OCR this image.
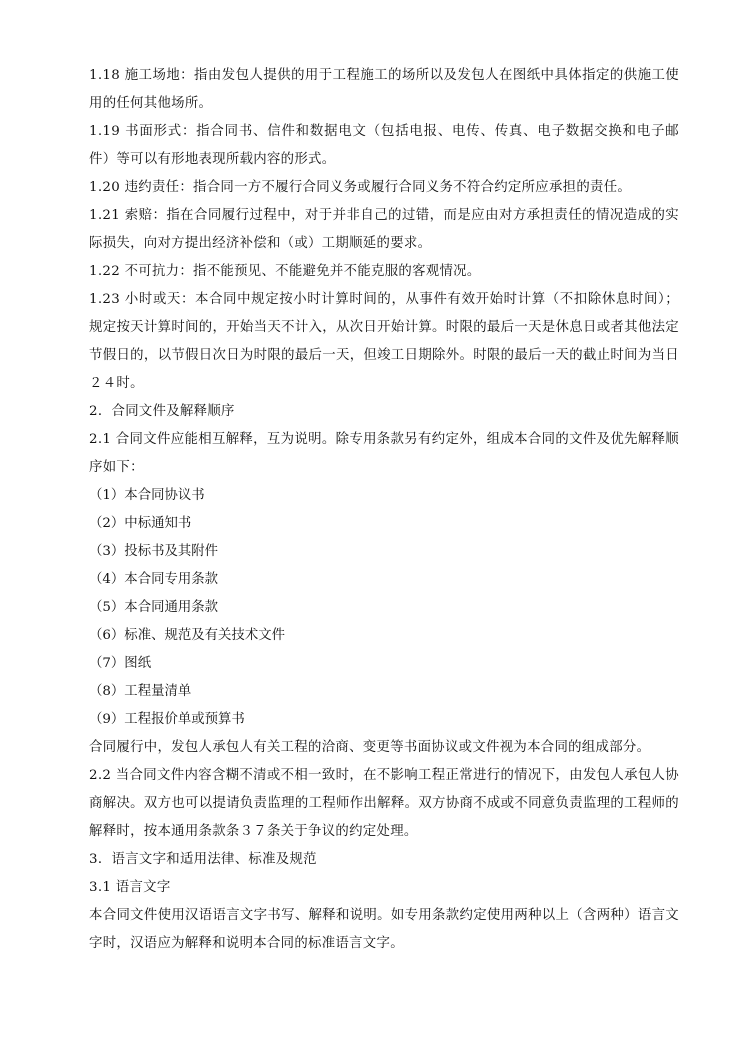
1.18 施工场地：指由发包人提供的用于工程施工的场所以及发包人在图纸中具体指定的供施工使用的任何其他场所。

1.19 书面形式：指合同书、信件和数据电文（包括电报、电传、传真、电子数据交换和电子邮件）等可以有形地表现所载内容的形式。

1.20 违约责任：指合同一方不履行合同义务或履行合同义务不符合约定所应承担的责任。

1.21 索赔：指在合同履行过程中，对于并非自己的过错，而是应由对方承担责任的情况造成的实际损失，向对方提出经济补偿和（或）工期顺延的要求。

1.22 不可抗力：指不能预见、不能避免并不能克服的客观情况。

1.23 小时或天：本合同中规定按小时计算时间的，从事件有效开始时计算（不扣除休息时间）；规定按天计算时间的，开始当天不计入，从次日开始计算。时限的最后一天是休息日或者其他法定节假日的，以节假日次日为时限的最后一天，但竣工日期除外。时限的最后一天的截止时间为当日２４时。

2．合同文件及解释顺序

2.1 合同文件应能相互解释，互为说明。除专用条款另有约定外，组成本合同的文件及优先解释顺序如下：

（1）本合同协议书

（2）中标通知书

（3）投标书及其附件

（4）本合同专用条款

（5）本合同通用条款

（6）标准、规范及有关技术文件

（7）图纸

（8）工程量清单

（9）工程报价单或预算书

合同履行中，发包人承包人有关工程的洽商、变更等书面协议或文件视为本合同的组成部分。

2.2 当合同文件内容含糊不清或不相一致时，在不影响工程正常进行的情况下，由发包人承包人协商解决。双方也可以提请负责监理的工程师作出解释。双方协商不成或不同意负责监理的工程师的解释时，按本通用条款条３７条关于争议的约定处理。

3．语言文字和适用法律、标准及规范

3.1 语言文字

本合同文件使用汉语语言文字书写、解释和说明。如专用条款约定使用两种以上（含两种）语言文字时，汉语应为解释和说明本合同的标准语言文字。
